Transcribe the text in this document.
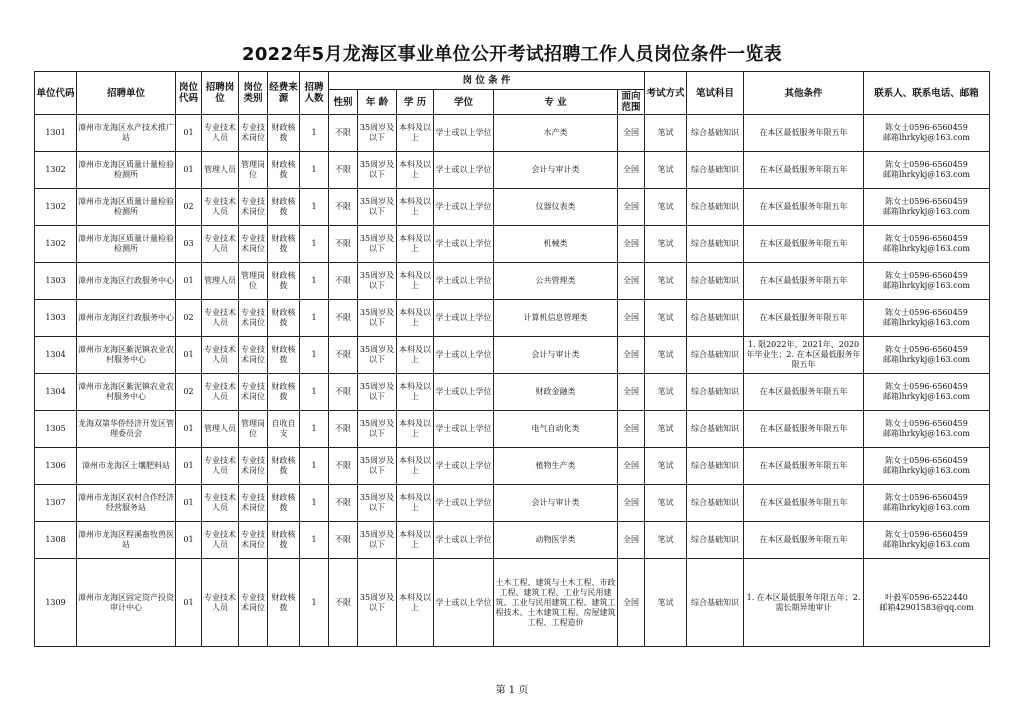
2022年5月龙海区事业单位公开考试招聘工作人员岗位条件一览表
单位代码	招聘单位	岗位代码	招聘岗位	岗位类别	经费来源	招聘人数	岗 位 条 件						考试方式	笔试科目	其他条件	联系人、联系电话、邮箱
							性别	年 龄	学 历	学位	专 业	面向范围				
1301	漳州市龙海区水产技术推广站	01	专业技术人员	专业技术岗位	财政核拨	1	不限	35周岁及以下	本科及以上	学士或以上学位	水产类	全国	笔试	综合基础知识	在本区最低服务年限五年	陈女士0596-6560459
邮箱lhrkykj@163.com

1302	漳州市龙海区质量计量检验检测所	01	管理人员	管理岗位	财政核拨	1	不限	35周岁及以下	本科及以上	学士或以上学位	会计与审计类	全国	笔试	综合基础知识	在本区最低服务年限五年	陈女士0596-6560459
邮箱lhrkykj@163.com

1302	漳州市龙海区质量计量检验检测所	02	专业技术人员	专业技术岗位	财政核拨	1	不限	35周岁及以下	本科及以上	学士或以上学位	仪器仪表类	全国	笔试	综合基础知识	在本区最低服务年限五年	陈女士0596-6560459
邮箱lhrkykj@163.com

1302	漳州市龙海区质量计量检验检测所	03	专业技术人员	专业技术岗位	财政核拨	1	不限	35周岁及以下	本科及以上	学士或以上学位	机械类	全国	笔试	综合基础知识	在本区最低服务年限五年	陈女士0596-6560459
邮箱lhrkykj@163.com

1303	漳州市龙海区行政服务中心	01	管理人员	管理岗位	财政核拨	1	不限	35周岁及以下	本科及以上	学士或以上学位	公共管理类	全国	笔试	综合基础知识	在本区最低服务年限五年	陈女士0596-6560459
邮箱lhrkykj@163.com

1303	漳州市龙海区行政服务中心	02	专业技术人员	专业技术岗位	财政核拨	1	不限	35周岁及以下	本科及以上	学士或以上学位	计算机信息管理类	全国	笔试	综合基础知识	在本区最低服务年限五年	陈女士0596-6560459
邮箱lhrkykj@163.com

1304	漳州市龙海区紫泥镇农业农村服务中心	01	专业技术人员	专业技术岗位	财政核拨	1	不限	35周岁及以下	本科及以上	学士或以上学位	会计与审计类	全国	笔试	综合基础知识	1. 限2022年、2021年、2020年毕业生；2. 在本区最低服务年限五年	陈女士0596-6560459
邮箱lhrkykj@163.com

1304	漳州市龙海区紫泥镇农业农村服务中心	02	专业技术人员	专业技术岗位	财政核拨	1	不限	35周岁及以下	本科及以上	学士或以上学位	财政金融类	全国	笔试	综合基础知识	在本区最低服务年限五年	陈女士0596-6560459
邮箱lhrkykj@163.com

1305	龙海双第华侨经济开发区管理委员会	01	管理人员	管理岗位	自收自支	1	不限	35周岁及以下	本科及以上	学士或以上学位	电气自动化类	全国	笔试	综合基础知识	在本区最低服务年限五年	陈女士0596-6560459
邮箱lhrkykj@163.com

1306	漳州市龙海区土壤肥料站	01	专业技术人员	专业技术岗位	财政核拨	1	不限	35周岁及以下	本科及以上	学士或以上学位	植物生产类	全国	笔试	综合基础知识	在本区最低服务年限五年	陈女士0596-6560459
邮箱lhrkykj@163.com

1307	漳州市龙海区农村合作经济经营服务站	01	专业技术人员	专业技术岗位	财政核拨	1	不限	35周岁及以下	本科及以上	学士或以上学位	会计与审计类	全国	笔试	综合基础知识	在本区最低服务年限五年	陈女士0596-6560459
邮箱lhrkykj@163.com

1308	漳州市龙海区程溪畜牧兽医站	01	专业技术人员	专业技术岗位	财政核拨	1	不限	35周岁及以下	本科及以上	学士或以上学位	动物医学类	全国	笔试	综合基础知识	在本区最低服务年限五年	陈女士0596-6560459
邮箱lhrkykj@163.com

1309	漳州市龙海区固定资产投资审计中心	01	专业技术人员	专业技术岗位	财政核拨	1	不限	35周岁及以下	本科及以上	学士或以上学位	土木工程、建筑与土木工程、市政工程、建筑工程、工业与民用建筑、工业与民用建筑工程、建筑工程技术、土木建筑工程、房屋建筑工程、工程造价	全国	笔试	综合基础知识	1. 在本区最低服务年限五年；2. 需长期异地审计	叶毅军0596-6522440
邮箱42901583@qq.com
第 1 页
